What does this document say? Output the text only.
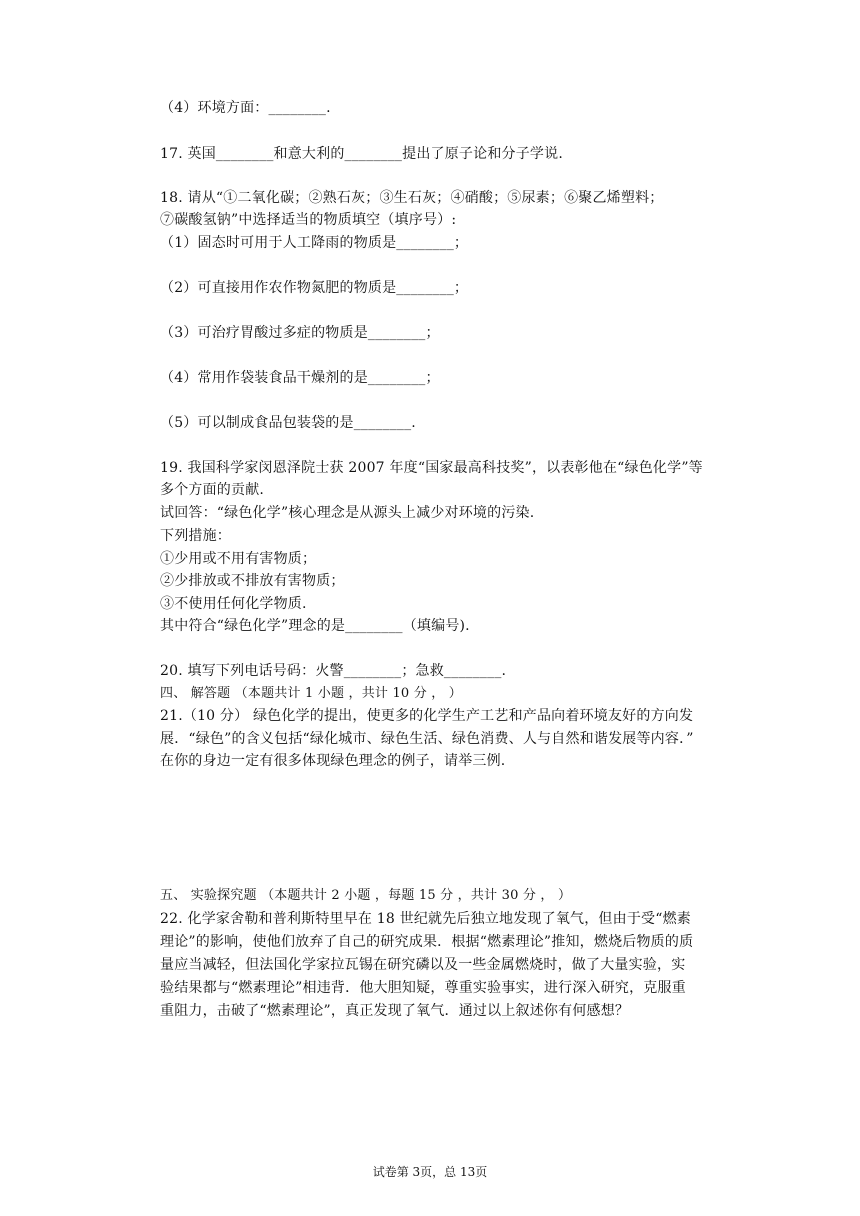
（4）环境方面：________.
17. 英国________和意大利的________提出了原子论和分子学说.
18. 请从“①二氧化碳；②熟石灰；③生石灰；④硝酸；⑤尿素；⑥聚乙烯塑料；
⑦碳酸氢钠”中选择适当的物质填空（填序号）:
（1）固态时可用于人工降雨的物质是________；
（2）可直接用作农作物氮肥的物质是________；
（3）可治疗胃酸过多症的物质是________；
（4）常用作袋装食品干燥剂的是________；
（5）可以制成食品包装袋的是________.
19. 我国科学家闵恩泽院士获 2007 年度“国家最高科技奖”，以表彰他在“绿色化学”等
多个方面的贡献.
试回答：“绿色化学”核心理念是从源头上减少对环境的污染.
下列措施：
①少用或不用有害物质；
②少排放或不排放有害物质；
③不使用任何化学物质.
其中符合“绿色化学”理念的是________（填编号).
20. 填写下列电话号码：火警________；急救________.
四、 解答题 （本题共计 1 小题 ，共计 10 分 ， ）
21.（10 分） 绿色化学的提出，使更多的化学生产工艺和产品向着环境友好的方向发
展．“绿色”的含义包括“绿化城市、绿色生活、绿色消费、人与自然和谐发展等内容．”
在你的身边一定有很多体现绿色理念的例子，请举三例.
五、 实验探究题 （本题共计 2 小题 ，每题 15 分 ，共计 30 分 ， ）
22. 化学家舍勒和普利斯特里早在 18 世纪就先后独立地发现了氧气，但由于受“燃素
理论”的影响，使他们放弃了自己的研究成果．根据“燃素理论”推知，燃烧后物质的质
量应当减轻，但法国化学家拉瓦锡在研究磷以及一些金属燃烧时，做了大量实验，实
验结果都与“燃素理论”相违背．他大胆知疑，尊重实验事实，进行深入研究，克服重
重阻力，击破了“燃素理论”，真正发现了氧气．通过以上叙述你有何感想？
试卷第 3页，总 13页
